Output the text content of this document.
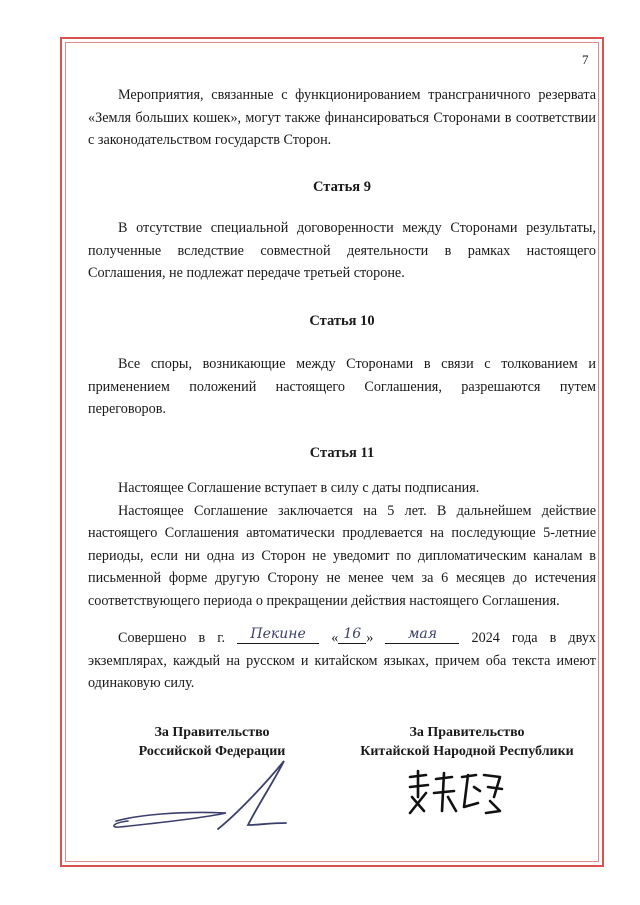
7

Мероприятия, связанные с функционированием трансграничного резервата «Земля больших кошек», могут также финансироваться Сторонами в соответствии с законодательством государств Сторон.

Статья 9

В отсутствие специальной договоренности между Сторонами результаты, полученные вследствие совместной деятельности в рамках настоящего Соглашения, не подлежат передаче третьей стороне.

Статья 10

Все споры, возникающие между Сторонами в связи с толкованием и применением положений настоящего Соглашения, разрешаются путем переговоров.

Статья 11

Настоящее Соглашение вступает в силу с даты подписания.

Настоящее Соглашение заключается на 5 лет. В дальнейшем действие настоящего Соглашения автоматически продлевается на последующие 5-летние периоды, если ни одна из Сторон не уведомит по дипломатическим каналам в письменной форме другую Сторону не менее чем за 6 месяцев до истечения соответствующего периода о прекращении действия настоящего Соглашения.

Совершено в г. Пекине « 16 » мая 2024 года в двух экземплярах, каждый на русском и китайском языках, причем оба текста имеют одинаковую силу.

За Правительство
Российской Федерации
За Правительство
Китайской Народной Республики
